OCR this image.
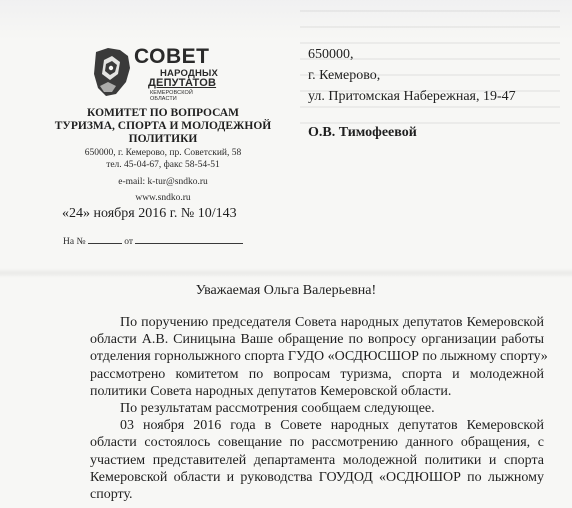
СОВЕТ
НАРОДНЫХ
ДЕПУТАТОВ
КЕМЕРОВСКОЙ ОБЛАСТИ
КОМИТЕТ ПО ВОПРОСАМ
ТУРИЗМА, СПОРТА И МОЛОДЕЖНОЙ
ПОЛИТИКИ
650000, г. Кемерово, пр. Советский, 58
тел. 45-04-67, факс 58-54-51
e-mail: k-tur@sndko.ru
www.sndko.ru
«24» ноября 2016 г. № 10/143
На №	от
650000,
г. Кемерово,
ул. Притомская Набережная, 19-47
О.В. Тимофеевой
Уважаемая Ольга Валерьевна!
По поручению председателя Совета народных депутатов Кемеровской
области А.В. Синицына Ваше обращение по вопросу организации работы
отделения горнолыжного спорта ГУДО «ОСДЮСШОР по лыжному спорту»
рассмотрено комитетом по вопросам туризма, спорта и молодежной
политики Совета народных депутатов Кемеровской области.
По результатам рассмотрения сообщаем следующее.
03 ноября 2016 года в Совете народных депутатов Кемеровской
области состоялось совещание по рассмотрению данного обращения, с
участием представителей департамента молодежной политики и спорта
Кемеровской области и руководства ГОУДОД «ОСДЮШОР по лыжному
спорту.
